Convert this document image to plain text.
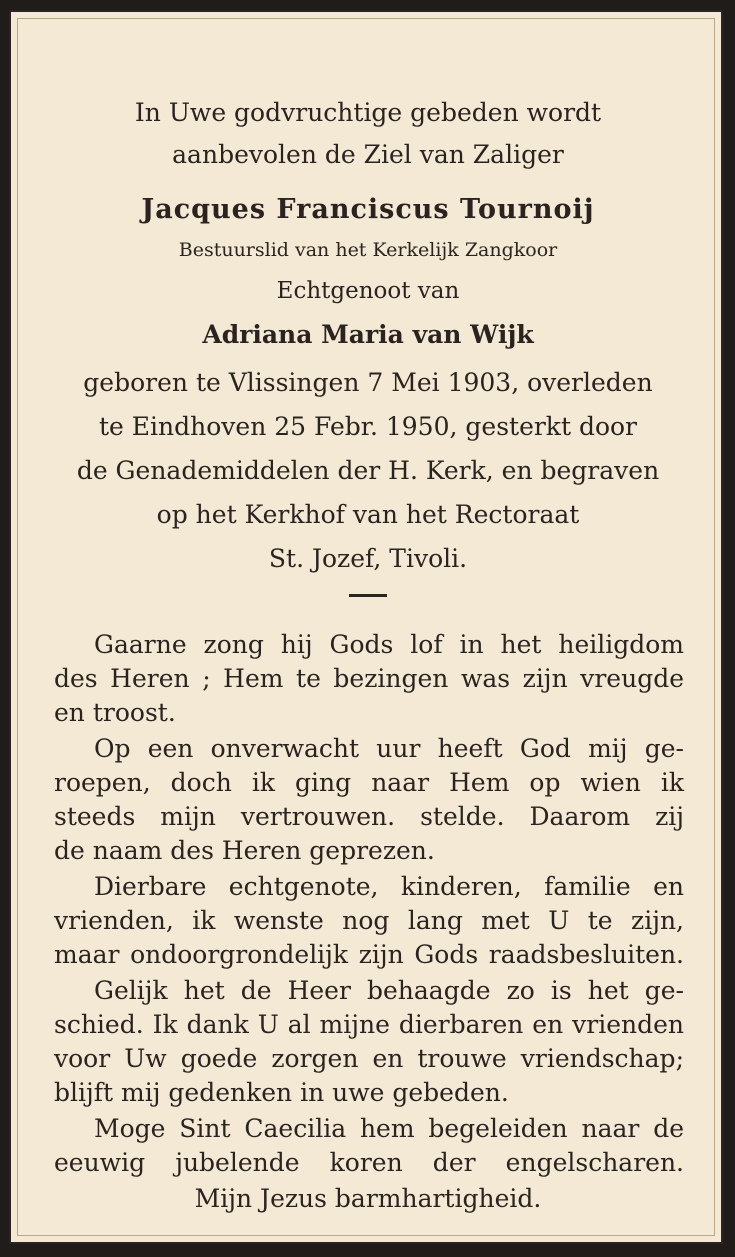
In Uwe godvruchtige gebeden wordt
aanbevolen de Ziel van Zaliger
Jacques Franciscus Tournoij
Bestuurslid van het Kerkelijk Zangkoor
Echtgenoot van
Adriana Maria van Wijk
geboren te Vlissingen 7 Mei 1903, overleden
te Eindhoven 25 Febr. 1950, gesterkt door
de Genademiddelen der H. Kerk, en begraven
op het Kerkhof van het Rectoraat
St. Jozef, Tivoli.
Gaarne zong hij Gods lof in het heiligdom
des Heren ; Hem te bezingen was zijn vreugde
en troost.
Op een onverwacht uur heeft God mij ge-
roepen, doch ik ging naar Hem op wien ik
steeds mijn vertrouwen. stelde. Daarom zij
de naam des Heren geprezen.
Dierbare echtgenote, kinderen, familie en
vrienden, ik wenste nog lang met U te zijn,
maar ondoorgrondelijk zijn Gods raadsbesluiten.
Gelijk het de Heer behaagde zo is het ge-
schied. Ik dank U al mijne dierbaren en vrienden
voor Uw goede zorgen en trouwe vriendschap;
blijft mij gedenken in uwe gebeden.
Moge Sint Caecilia hem begeleiden naar de
eeuwig jubelende koren der engelscharen.
Mijn Jezus barmhartigheid.
